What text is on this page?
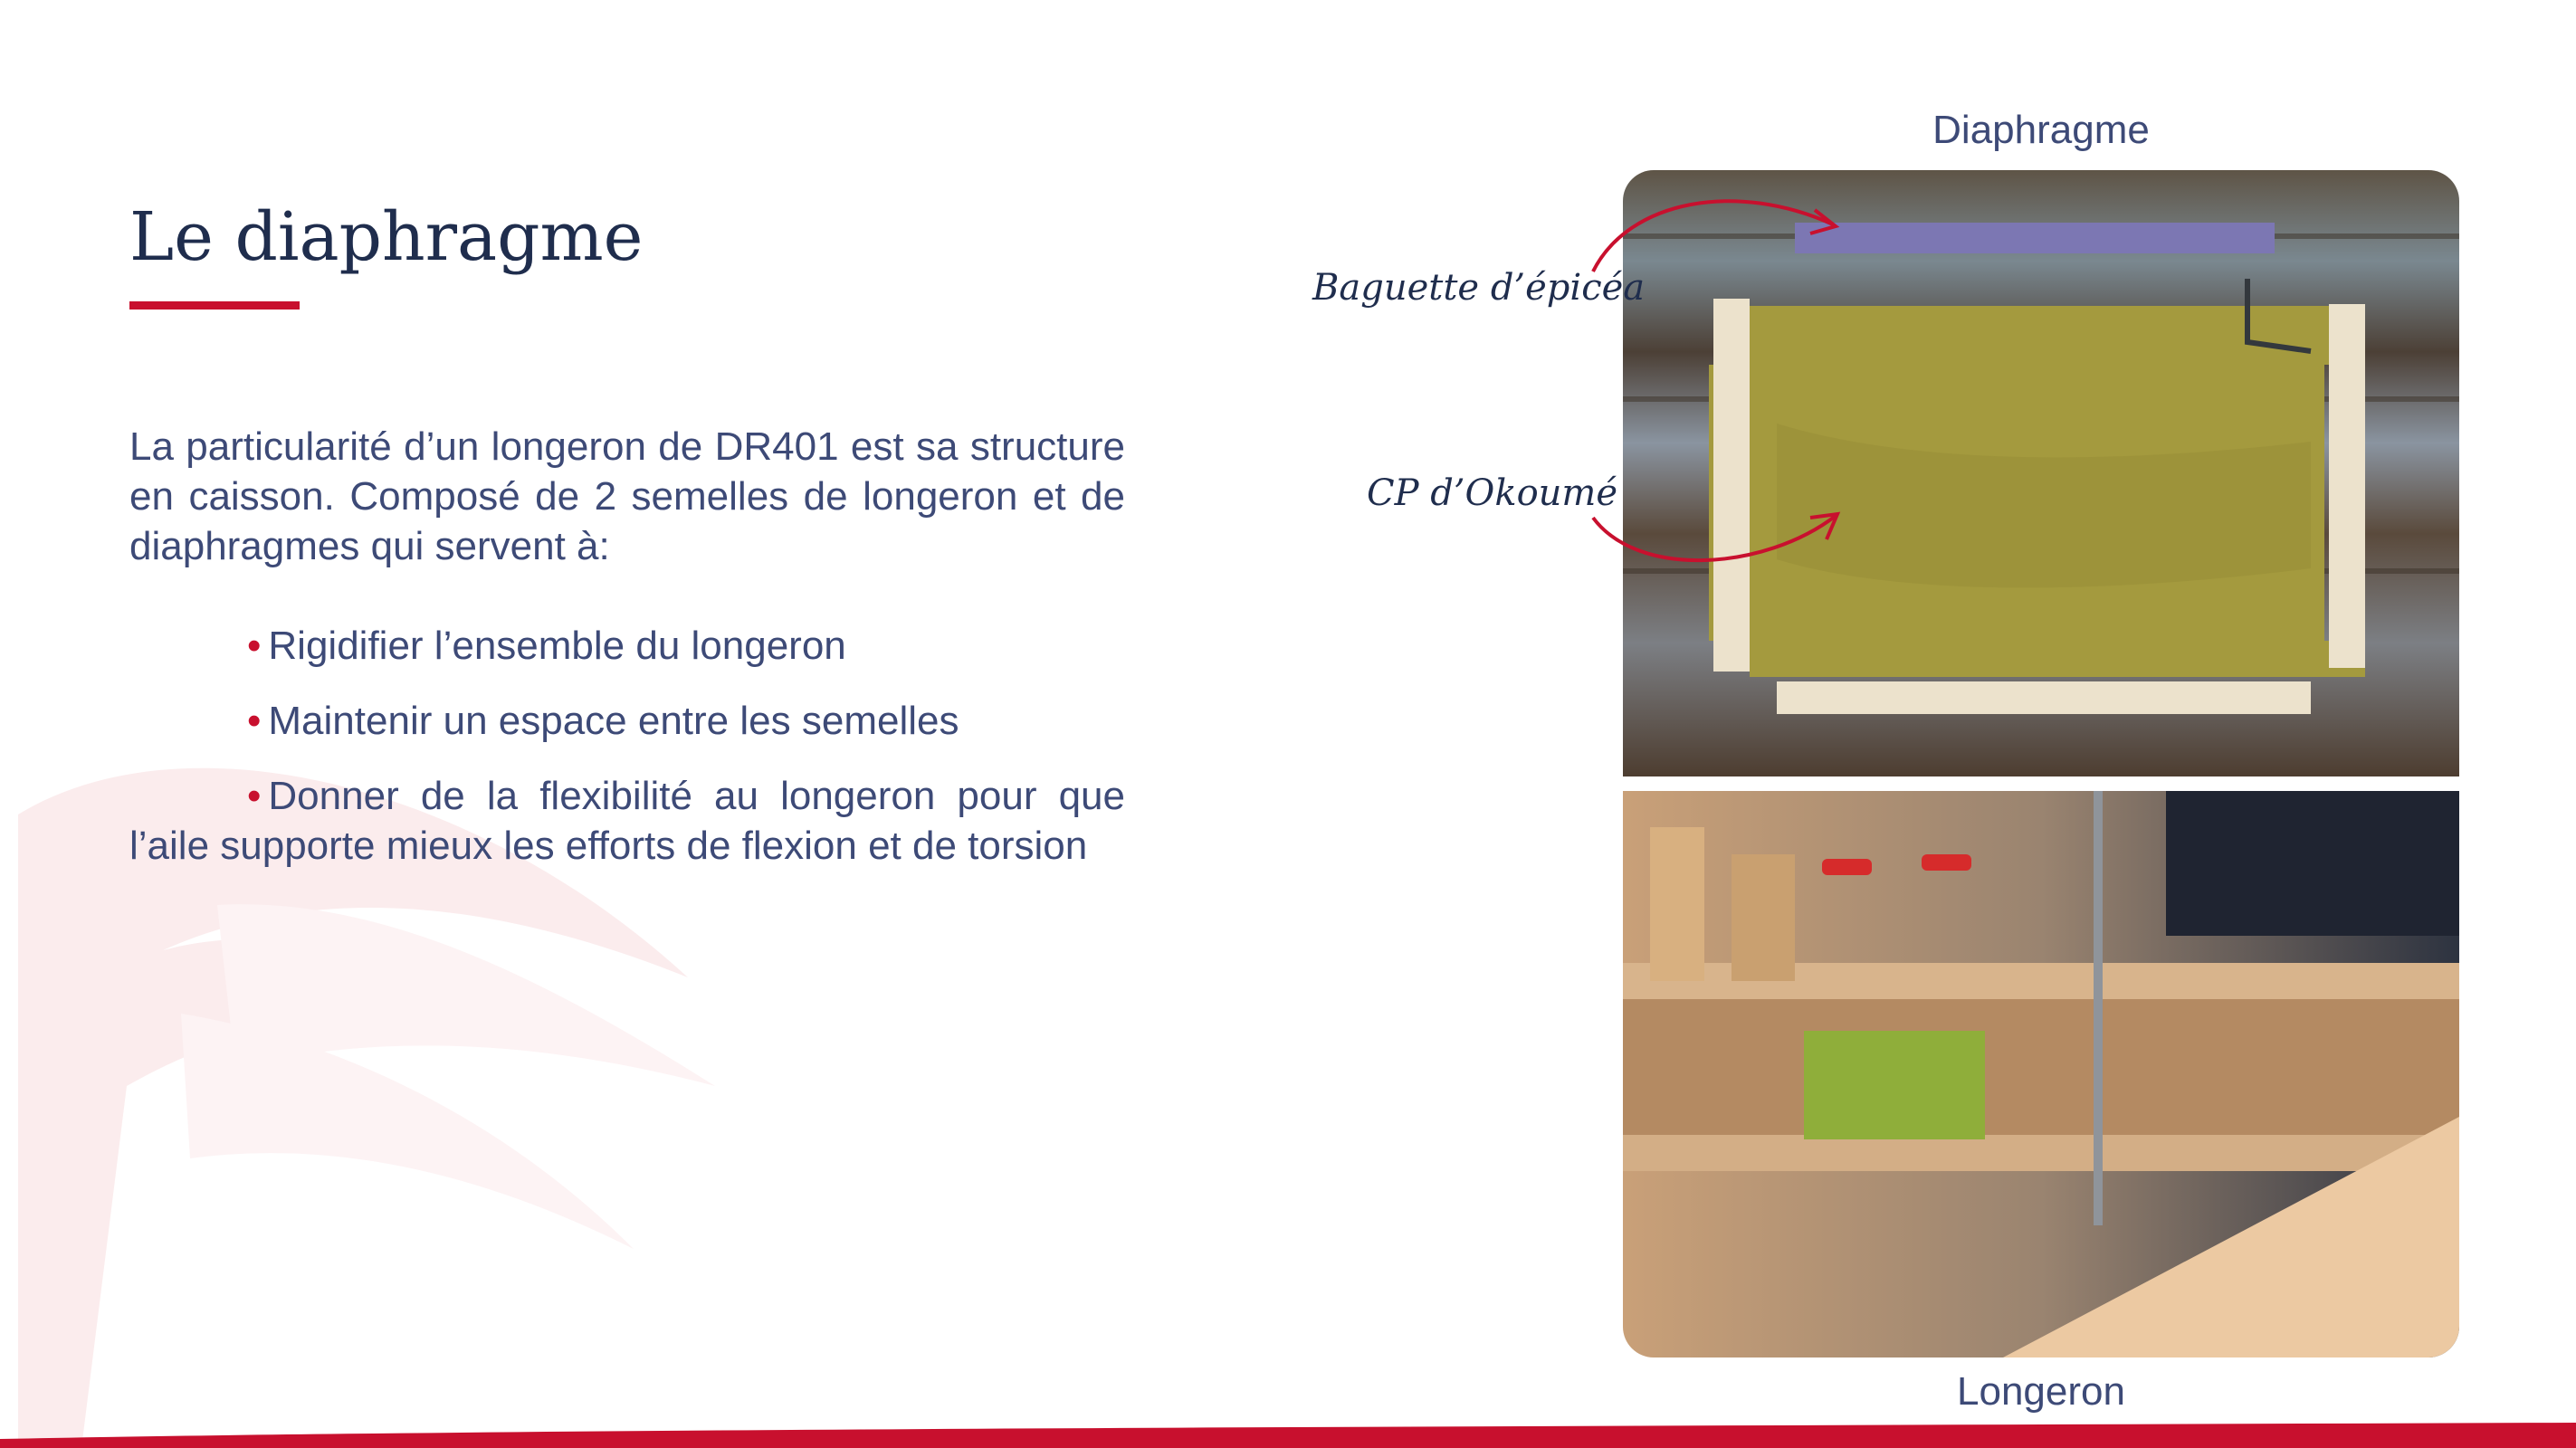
Le diaphragme

La particularité d’un longeron de DR401 est sa structure en caisson. Composé de 2 semelles de longeron et de diaphragmes qui servent à:

• Rigidifier l’ensemble du longeron

• Maintenir un espace entre les semelles

• Donner de la flexibilité au longeron pour que l’aile supporte mieux les efforts de flexion et de torsion

Diaphragme
Longeron
Baguette d’épicéa
CP d’Okoumé
